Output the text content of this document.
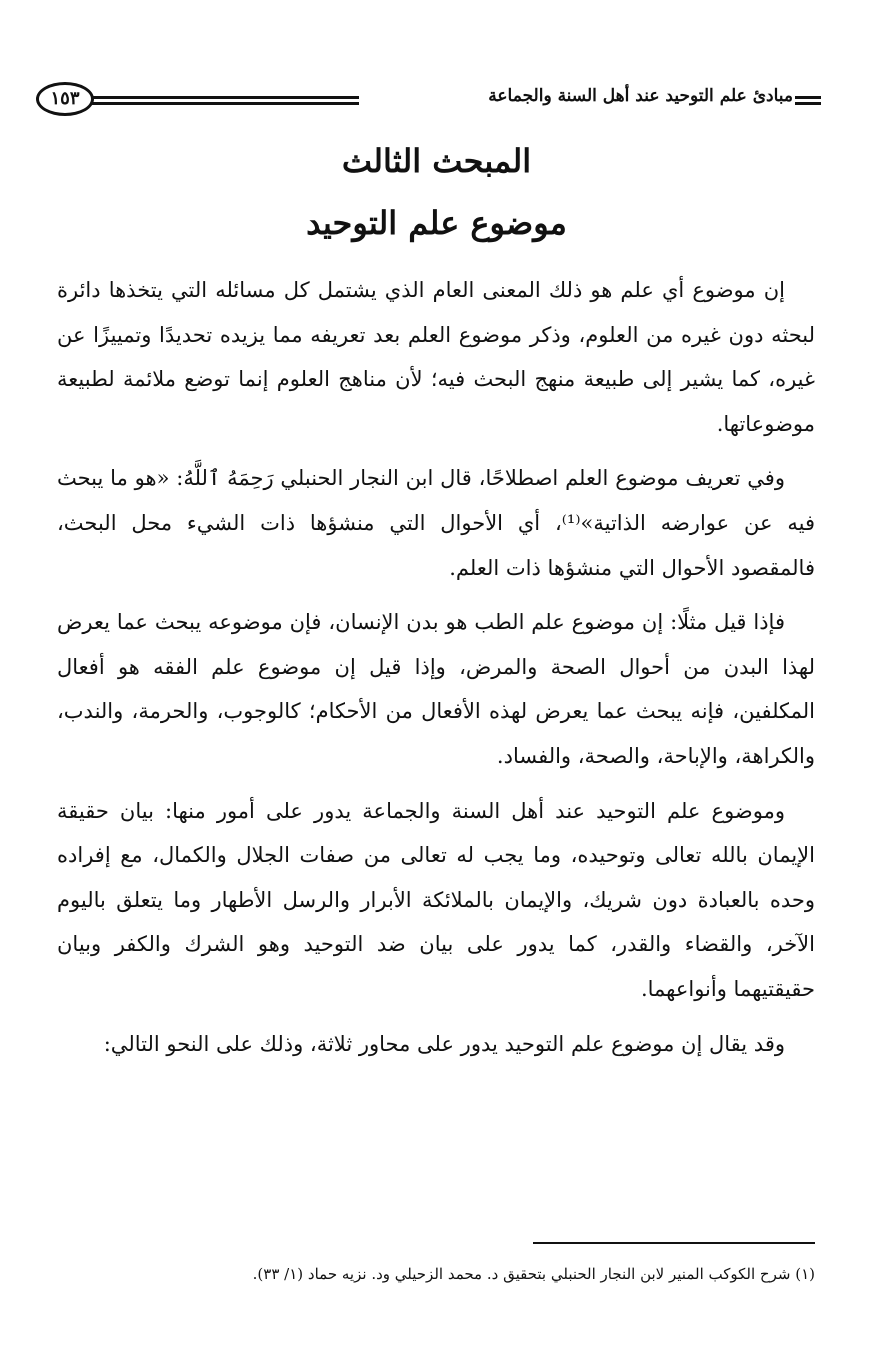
مبادئ علم التوحيد عند أهل السنة والجماعة
١٥٣
المبحث الثالث
موضوع علم التوحيد

إن موضوع أي علم هو ذلك المعنى العام الذي يشتمل كل مسائله التي يتخذها دائرة لبحثه دون غيره من العلوم، وذكر موضوع العلم بعد تعريفه مما يزيده تحديدًا وتمييزًا عن غيره، كما يشير إلى طبيعة منهج البحث فيه؛ لأن مناهج العلوم إنما توضع ملائمة لطبيعة موضوعاتها.

وفي تعريف موضوع العلم اصطلاحًا، قال ابن النجار الحنبلي رَحِمَهُ ٱللَّهُ: «هو ما يبحث فيه عن عوارضه الذاتية»⁽¹⁾، أي الأحوال التي منشؤها ذات الشيء محل البحث، فالمقصود الأحوال التي منشؤها ذات العلم.

فإذا قيل مثلًا: إن موضوع علم الطب هو بدن الإنسان، فإن موضوعه يبحث عما يعرض لهذا البدن من أحوال الصحة والمرض، وإذا قيل إن موضوع علم الفقه هو أفعال المكلفين، فإنه يبحث عما يعرض لهذه الأفعال من الأحكام؛ كالوجوب، والحرمة، والندب، والكراهة، والإباحة، والصحة، والفساد.

وموضوع علم التوحيد عند أهل السنة والجماعة يدور على أمور منها: بيان حقيقة الإيمان بالله تعالى وتوحيده، وما يجب له تعالى من صفات الجلال والكمال، مع إفراده وحده بالعبادة دون شريك، والإيمان بالملائكة الأبرار والرسل الأطهار وما يتعلق باليوم الآخر، والقضاء والقدر، كما يدور على بيان ضد التوحيد وهو الشرك والكفر وبيان حقيقتيهما وأنواعهما.

وقد يقال إن موضوع علم التوحيد يدور على محاور ثلاثة، وذلك على النحو التالي:

(١) شرح الكوكب المنير لابن النجار الحنبلي بتحقيق د. محمد الزحيلي ود. نزيه حماد (١/ ٣٣).
